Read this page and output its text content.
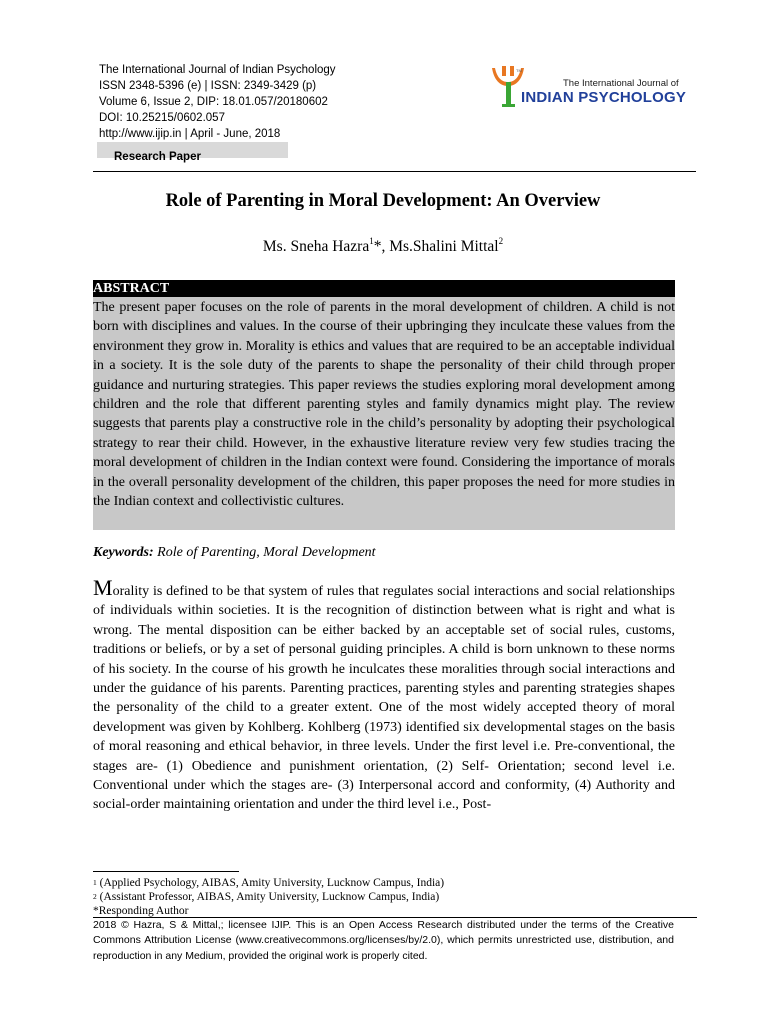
The International Journal of Indian Psychology
ISSN 2348-5396 (e) | ISSN: 2349-3429 (p)
Volume 6, Issue 2, DIP: 18.01.057/20180602
DOI: 10.25215/0602.057
http://www.ijip.in | April - June, 2018
Research Paper
TM
The International Journal of
INDIAN PSYCHOLOGY
Role of Parenting in Moral Development: An Overview
Ms. Sneha Hazra$^1$*, Ms.Shalini Mittal$^2$
ABSTRACT
The present paper focuses on the role of parents in the moral development of children. A child is not born with disciplines and values. In the course of their upbringing they inculcate these values from the environment they grow in. Morality is ethics and values that are required to be an acceptable individual in a society. It is the sole duty of the parents to shape the personality of their child through proper guidance and nurturing strategies. This paper reviews the studies exploring moral development among children and the role that different parenting styles and family dynamics might play. The review suggests that parents play a constructive role in the child’s personality by adopting their psychological strategy to rear their child. However, in the exhaustive literature review very few studies tracing the moral development of children in the Indian context were found. Considering the importance of morals in the overall personality development of the children, this paper proposes the need for more studies in the Indian context and collectivistic cultures.
Keywords: Role of Parenting, Moral Development
Morality is defined to be that system of rules that regulates social interactions and social relationships of individuals within societies. It is the recognition of distinction between what is right and what is wrong. The mental disposition can be either backed by an acceptable set of social rules, customs, traditions or beliefs, or by a set of personal guiding principles. A child is born unknown to these norms of his society. In the course of his growth he inculcates these moralities through social interactions and under the guidance of his parents. Parenting practices, parenting styles and parenting strategies shapes the personality of the child to a greater extent. One of the most widely accepted theory of moral development was given by Kohlberg. Kohlberg (1973) identified six developmental stages on the basis of moral reasoning and ethical behavior, in three levels. Under the first level i.e. Pre-conventional, the stages are- (1) Obedience and punishment orientation, (2) Self- Orientation; second level i.e. Conventional under which the stages are- (3) Interpersonal accord and conformity, (4) Authority and social-order maintaining orientation and under the third level i.e., Post-
$^1$ (Applied Psychology, AIBAS, Amity University, Lucknow Campus, India)
$^2$ (Assistant Professor, AIBAS, Amity University, Lucknow Campus, India)
*Responding Author
2018 © Hazra, S & Mittal,; licensee IJIP. This is an Open Access Research distributed under the terms of the Creative Commons Attribution License (www.creativecommons.org/licenses/by/2.0), which permits unrestricted use, distribution, and reproduction in any Medium, provided the original work is properly cited.
